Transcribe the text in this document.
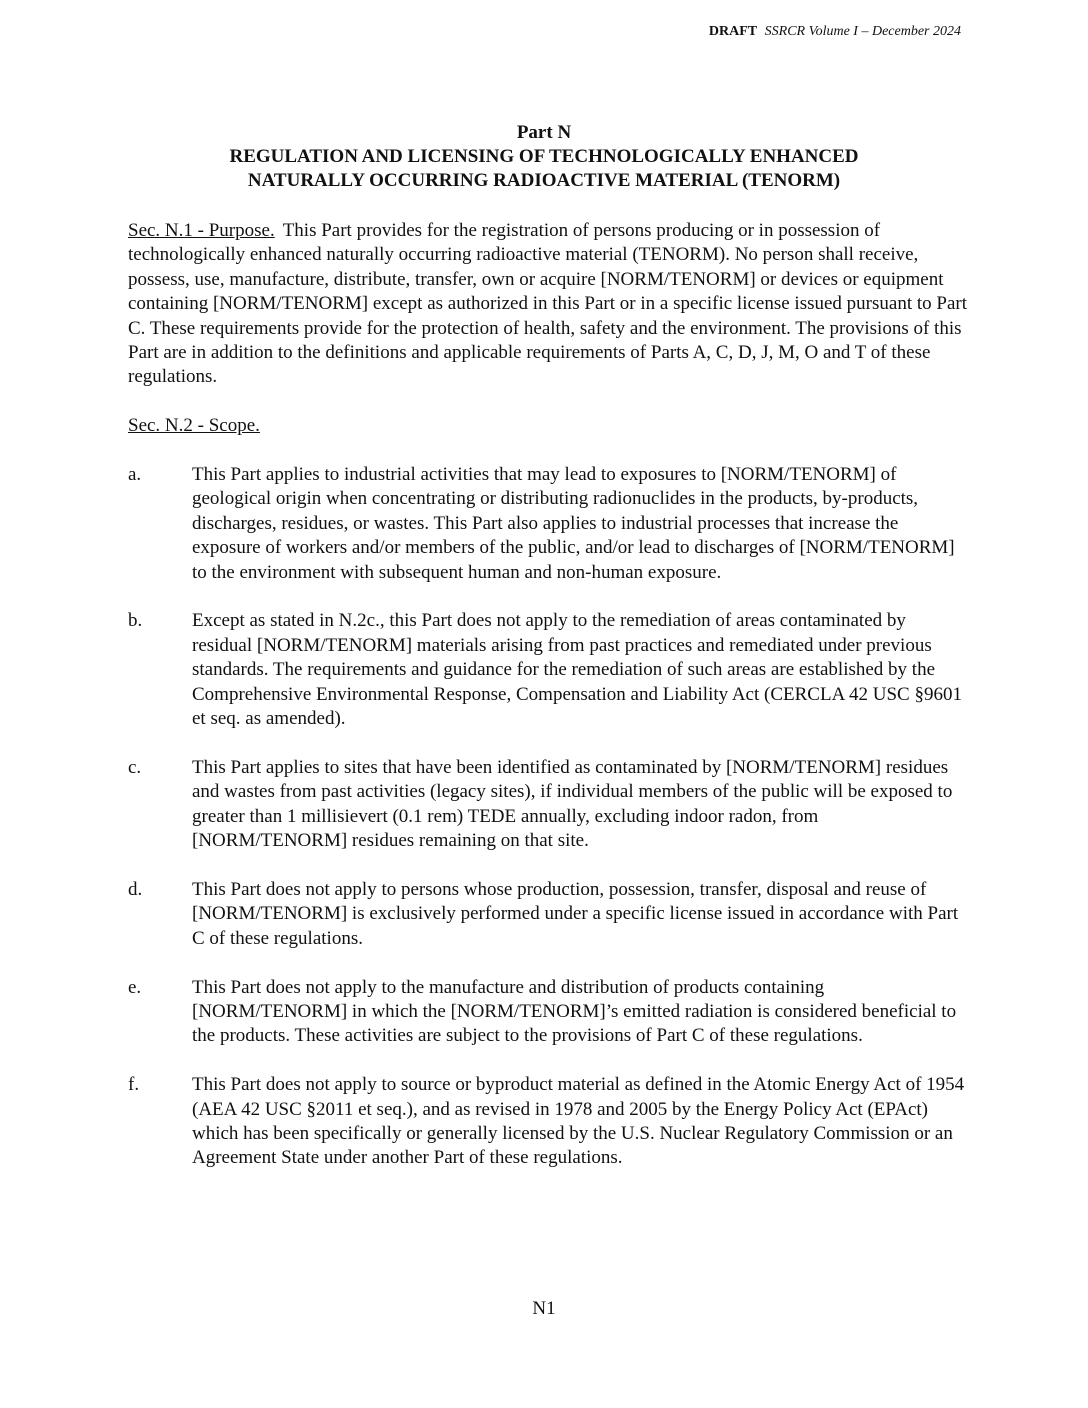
DRAFT SSRCR Volume I – December 2024
Part N
REGULATION AND LICENSING OF TECHNOLOGICALLY ENHANCED
NATURALLY OCCURRING RADIOACTIVE MATERIAL (TENORM)

Sec. N.1 - Purpose. This Part provides for the registration of persons producing or in possession of technologically enhanced naturally occurring radioactive material (TENORM). No person shall receive, possess, use, manufacture, distribute, transfer, own or acquire [NORM/TENORM] or devices or equipment containing [NORM/TENORM] except as authorized in this Part or in a specific license issued pursuant to Part C. These requirements provide for the protection of health, safety and the environment. The provisions of this Part are in addition to the definitions and applicable requirements of Parts A, C, D, J, M, O and T of these regulations.

Sec. N.2 - Scope.

a.	This Part applies to industrial activities that may lead to exposures to [NORM/TENORM] of geological origin when concentrating or distributing radionuclides in the products, by-products, discharges, residues, or wastes. This Part also applies to industrial processes that increase the exposure of workers and/or members of the public, and/or lead to discharges of [NORM/TENORM] to the environment with subsequent human and non-human exposure.
b.	Except as stated in N.2c., this Part does not apply to the remediation of areas contaminated by residual [NORM/TENORM] materials arising from past practices and remediated under previous standards. The requirements and guidance for the remediation of such areas are established by the Comprehensive Environmental Response, Compensation and Liability Act (CERCLA 42 USC §9601 et seq. as amended).
c.	This Part applies to sites that have been identified as contaminated by [NORM/TENORM] residues and wastes from past activities (legacy sites), if individual members of the public will be exposed to greater than 1 millisievert (0.1 rem) TEDE annually, excluding indoor radon, from [NORM/TENORM] residues remaining on that site.
d.	This Part does not apply to persons whose production, possession, transfer, disposal and reuse of [NORM/TENORM] is exclusively performed under a specific license issued in accordance with Part C of these regulations.
e.	This Part does not apply to the manufacture and distribution of products containing [NORM/TENORM] in which the [NORM/TENORM]’s emitted radiation is considered beneficial to the products. These activities are subject to the provisions of Part C of these regulations.
f.	This Part does not apply to source or byproduct material as defined in the Atomic Energy Act of 1954 (AEA 42 USC §2011 et seq.), and as revised in 1978 and 2005 by the Energy Policy Act (EPAct) which has been specifically or generally licensed by the U.S. Nuclear Regulatory Commission or an Agreement State under another Part of these regulations.
N1
